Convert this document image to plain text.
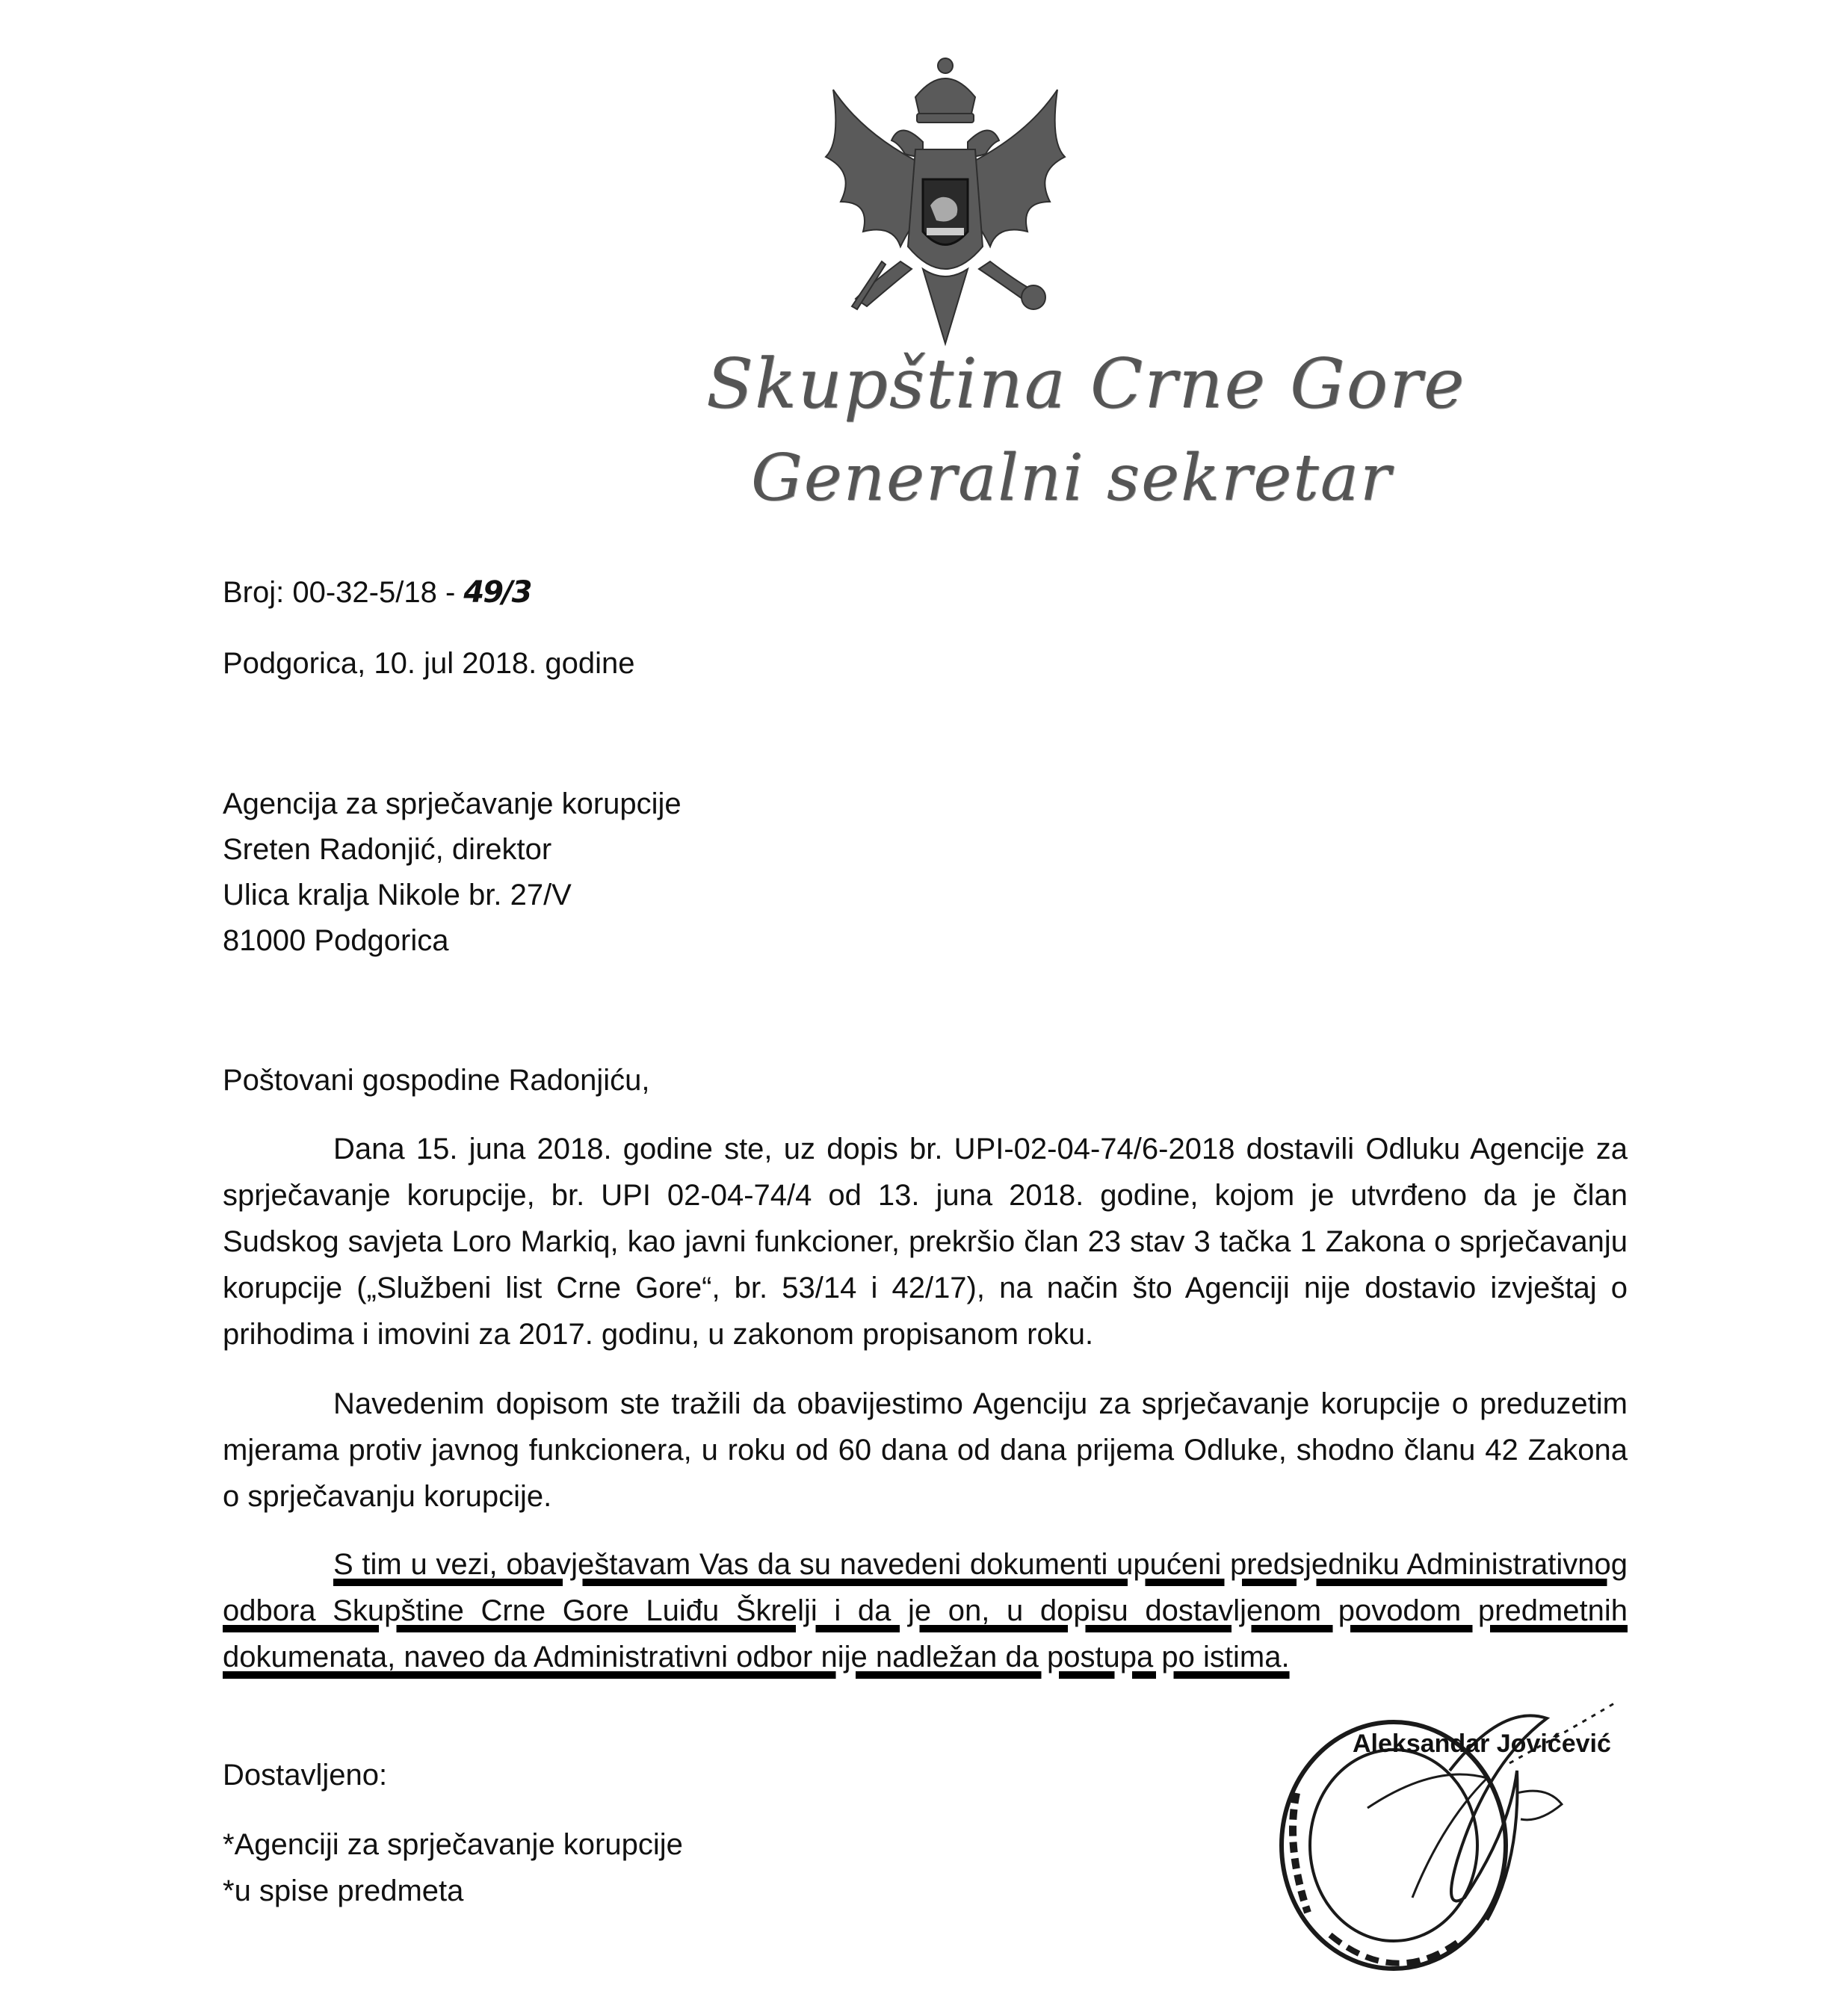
Skupština Crne Gore
Generalni sekretar
Broj: 00-32-5/18 - 49/3
Podgorica, 10. jul 2018. godine
Agencija za sprječavanje korupcije
Sreten Radonjić, direktor
Ulica kralja Nikole br. 27/V
81000 Podgorica
Poštovani gospodine Radonjiću,
Dana 15. juna 2018. godine ste, uz dopis br. UPI-02-04-74/6-2018 dostavili Odluku Agencije za sprječavanje korupcije, br. UPI 02-04-74/4 od 13. juna 2018. godine, kojom je utvrđeno da je član Sudskog savjeta Loro Markiq, kao javni funkcioner, prekršio član 23 stav 3 tačka 1 Zakona o sprječavanju korupcije („Službeni list Crne Gore“, br. 53/14 i 42/17), na način što Agenciji nije dostavio izvještaj o prihodima i imovini za 2017. godinu, u zakonom propisanom roku.
Navedenim dopisom ste tražili da obavijestimo Agenciju za sprječavanje korupcije o preduzetim mjerama protiv javnog funkcionera, u roku od 60 dana od dana prijema Odluke, shodno članu 42 Zakona o sprječavanju korupcije.
S tim u vezi, obavještavam Vas da su navedeni dokumenti upućeni predsjedniku Administrativnog odbora Skupštine Crne Gore Luiđu Škrelji i da je on, u dopisu dostavljenom povodom predmetnih dokumenata, naveo da Administrativni odbor nije nadležan da postupa po istima.
Dostavljeno:
*Agenciji za sprječavanje korupcije
*u spise predmeta
Aleksandar Jovićević
